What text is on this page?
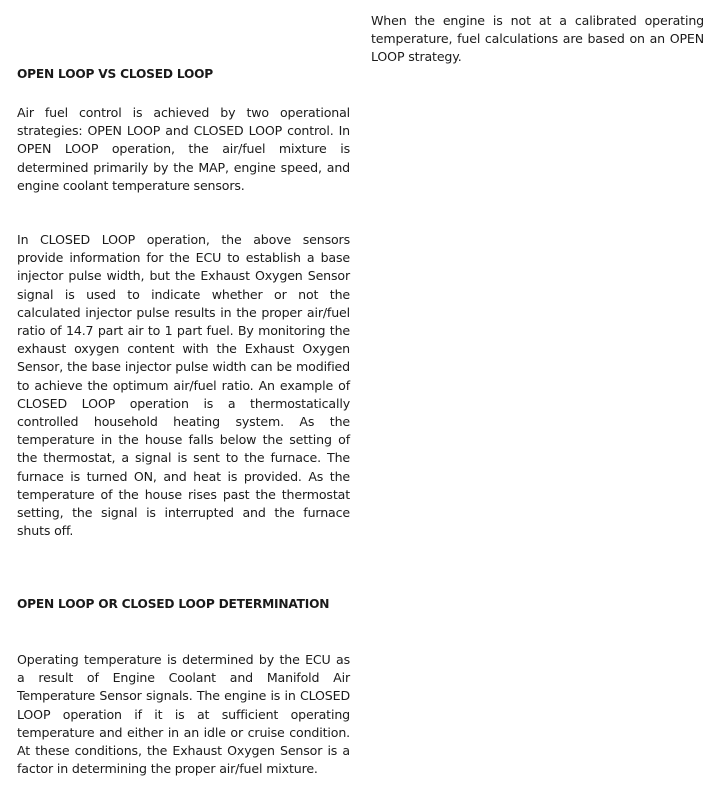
OPEN LOOP VS CLOSED LOOP

Air fuel control is achieved by two operational strategies: OPEN LOOP and CLOSED LOOP control. In OPEN LOOP operation, the air/fuel mixture is determined primarily by the MAP, engine speed, and engine coolant temperature sensors.

In CLOSED LOOP operation, the above sensors provide information for the ECU to establish a base injector pulse width, but the Exhaust Oxygen Sensor signal is used to indicate whether or not the calculated injector pulse results in the proper air/fuel ratio of 14.7 part air to 1 part fuel. By monitoring the exhaust oxygen content with the Exhaust Oxygen Sensor, the base injector pulse width can be modified to achieve the optimum air/fuel ratio. An example of CLOSED LOOP operation is a thermostatically controlled household heating system. As the temperature in the house falls below the setting of the thermostat, a signal is sent to the furnace. The furnace is turned ON, and heat is provided. As the temperature of the house rises past the thermostat setting, the signal is interrupted and the furnace shuts off.

OPEN LOOP OR CLOSED LOOP DETERMINATION

Operating temperature is determined by the ECU as a result of Engine Coolant and Manifold Air Temperature Sensor signals. The engine is in CLOSED LOOP operation if it is at sufficient operating temperature and either in an idle or cruise condition. At these conditions, the Exhaust Oxygen Sensor is a factor in determining the proper air/fuel mixture.

When the engine is not at a calibrated operating temperature, fuel calculations are based on an OPEN LOOP strategy.
